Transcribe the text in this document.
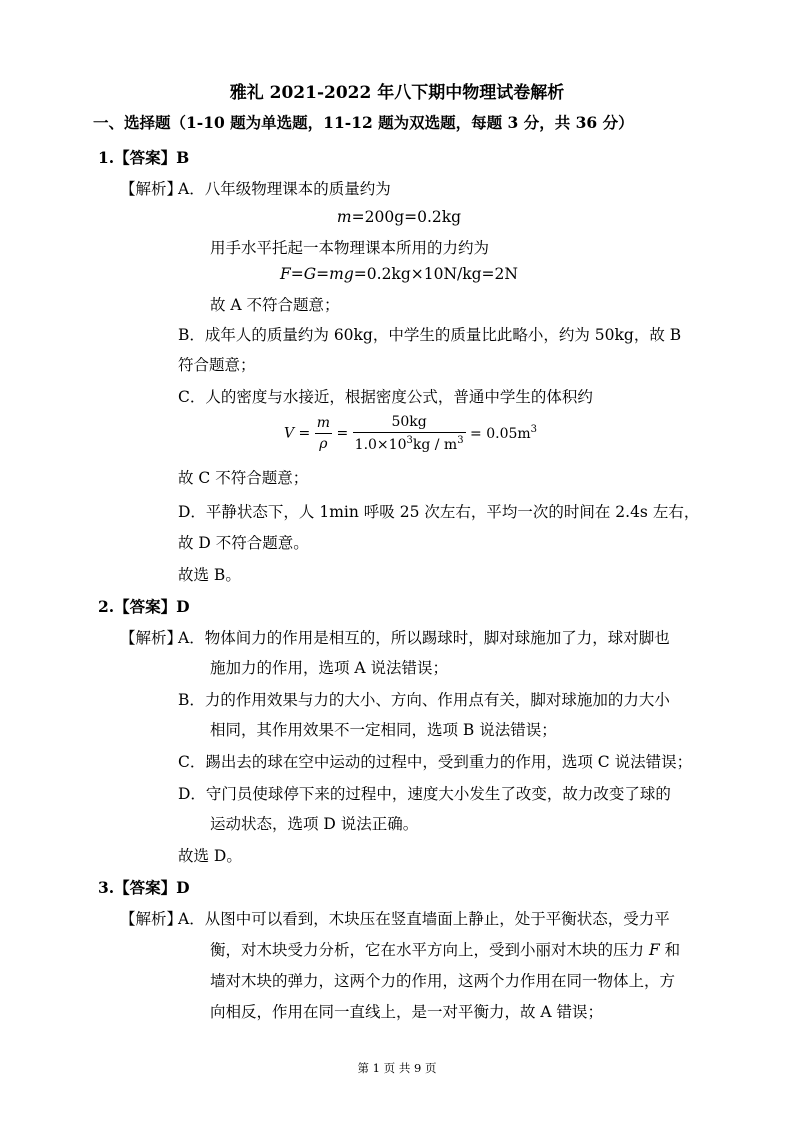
雅礼 2021-2022 年八下期中物理试卷解析
一、选择题（1-10 题为单选题，11-12 题为双选题，每题 3 分，共 36 分）
1.【答案】B
【解析】
A．八年级物理课本的质量约为
m=200g=0.2kg
用手水平托起一本物理课本所用的力约为
F=G=mg=0.2kg×10N/kg=2N
故 A 不符合题意；
B．成年人的质量约为 60kg，中学生的质量比此略小，约为 50kg，故 B
符合题意；
C．人的密度与水接近，根据密度公式，普通中学生的体积约
$V = \frac{m}{\rho} = \frac{50kg}{1.0\times 10^3kg / m^3} = 0.05m^3$
故 C 不符合题意；
D．平静状态下，人 1min 呼吸 25 次左右，平均一次的时间在 2.4s 左右，
故 D 不符合题意。
故选 B。
2.【答案】D
【解析】
A．物体间力的作用是相互的，所以踢球时，脚对球施加了力，球对脚也
施加力的作用，选项 A 说法错误；
B．力的作用效果与力的大小、方向、作用点有关，脚对球施加的力大小
相同，其作用效果不一定相同，选项 B 说法错误；
C．踢出去的球在空中运动的过程中，受到重力的作用，选项 C 说法错误；
D．守门员使球停下来的过程中，速度大小发生了改变，故力改变了球的
运动状态，选项 D 说法正确。
故选 D。
3.【答案】D
【解析】
A．从图中可以看到，木块压在竖直墙面上静止，处于平衡状态，受力平
衡，对木块受力分析，它在水平方向上，受到小丽对木块的压力 F 和
墙对木块的弹力，这两个力的作用，这两个力作用在同一物体上，方
向相反，作用在同一直线上，是一对平衡力，故 A 错误；
第 1 页 共 9 页
